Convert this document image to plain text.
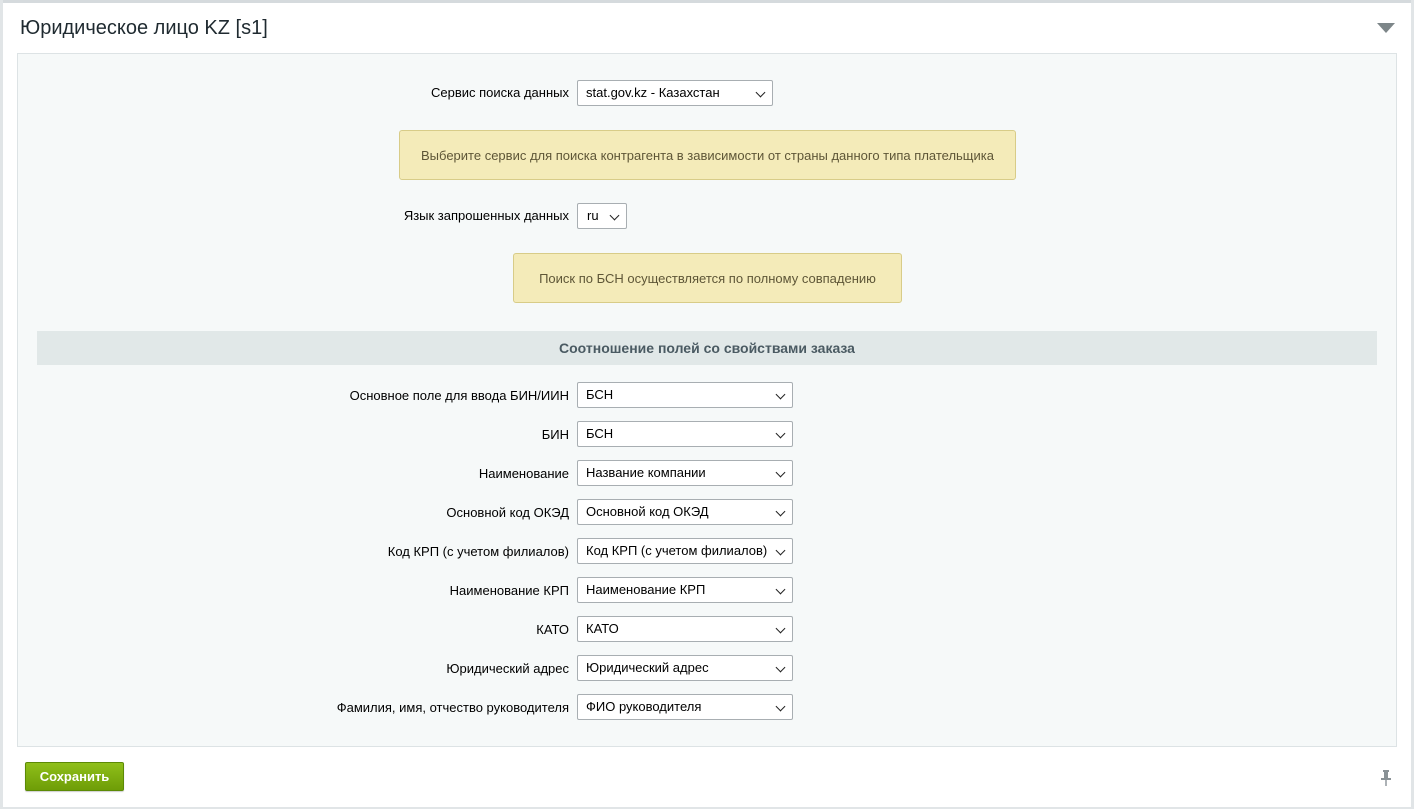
Юридическое лицо KZ [s1]
Сервис поиска данных	stat.gov.kz - Казахстан
Выберите сервис для поиска контрагента в зависимости от страны данного типа плательщика
Язык запрошенных данных	ru
Поиск по БСН осуществляется по полному совпадению
Соотношение полей со свойствами заказа
Основное поле для ввода БИН/ИИН	БСН
БИН	БСН
Наименование	Название компании
Основной код ОКЭД	Основной код ОКЭД
Код КРП (с учетом филиалов)	Код КРП (с учетом филиалов)
Наименование КРП	Наименование КРП
КАТО	КАТО
Юридический адрес	Юридический адрес
Фамилия, имя, отчество руководителя	ФИО руководителя
Сохранить
